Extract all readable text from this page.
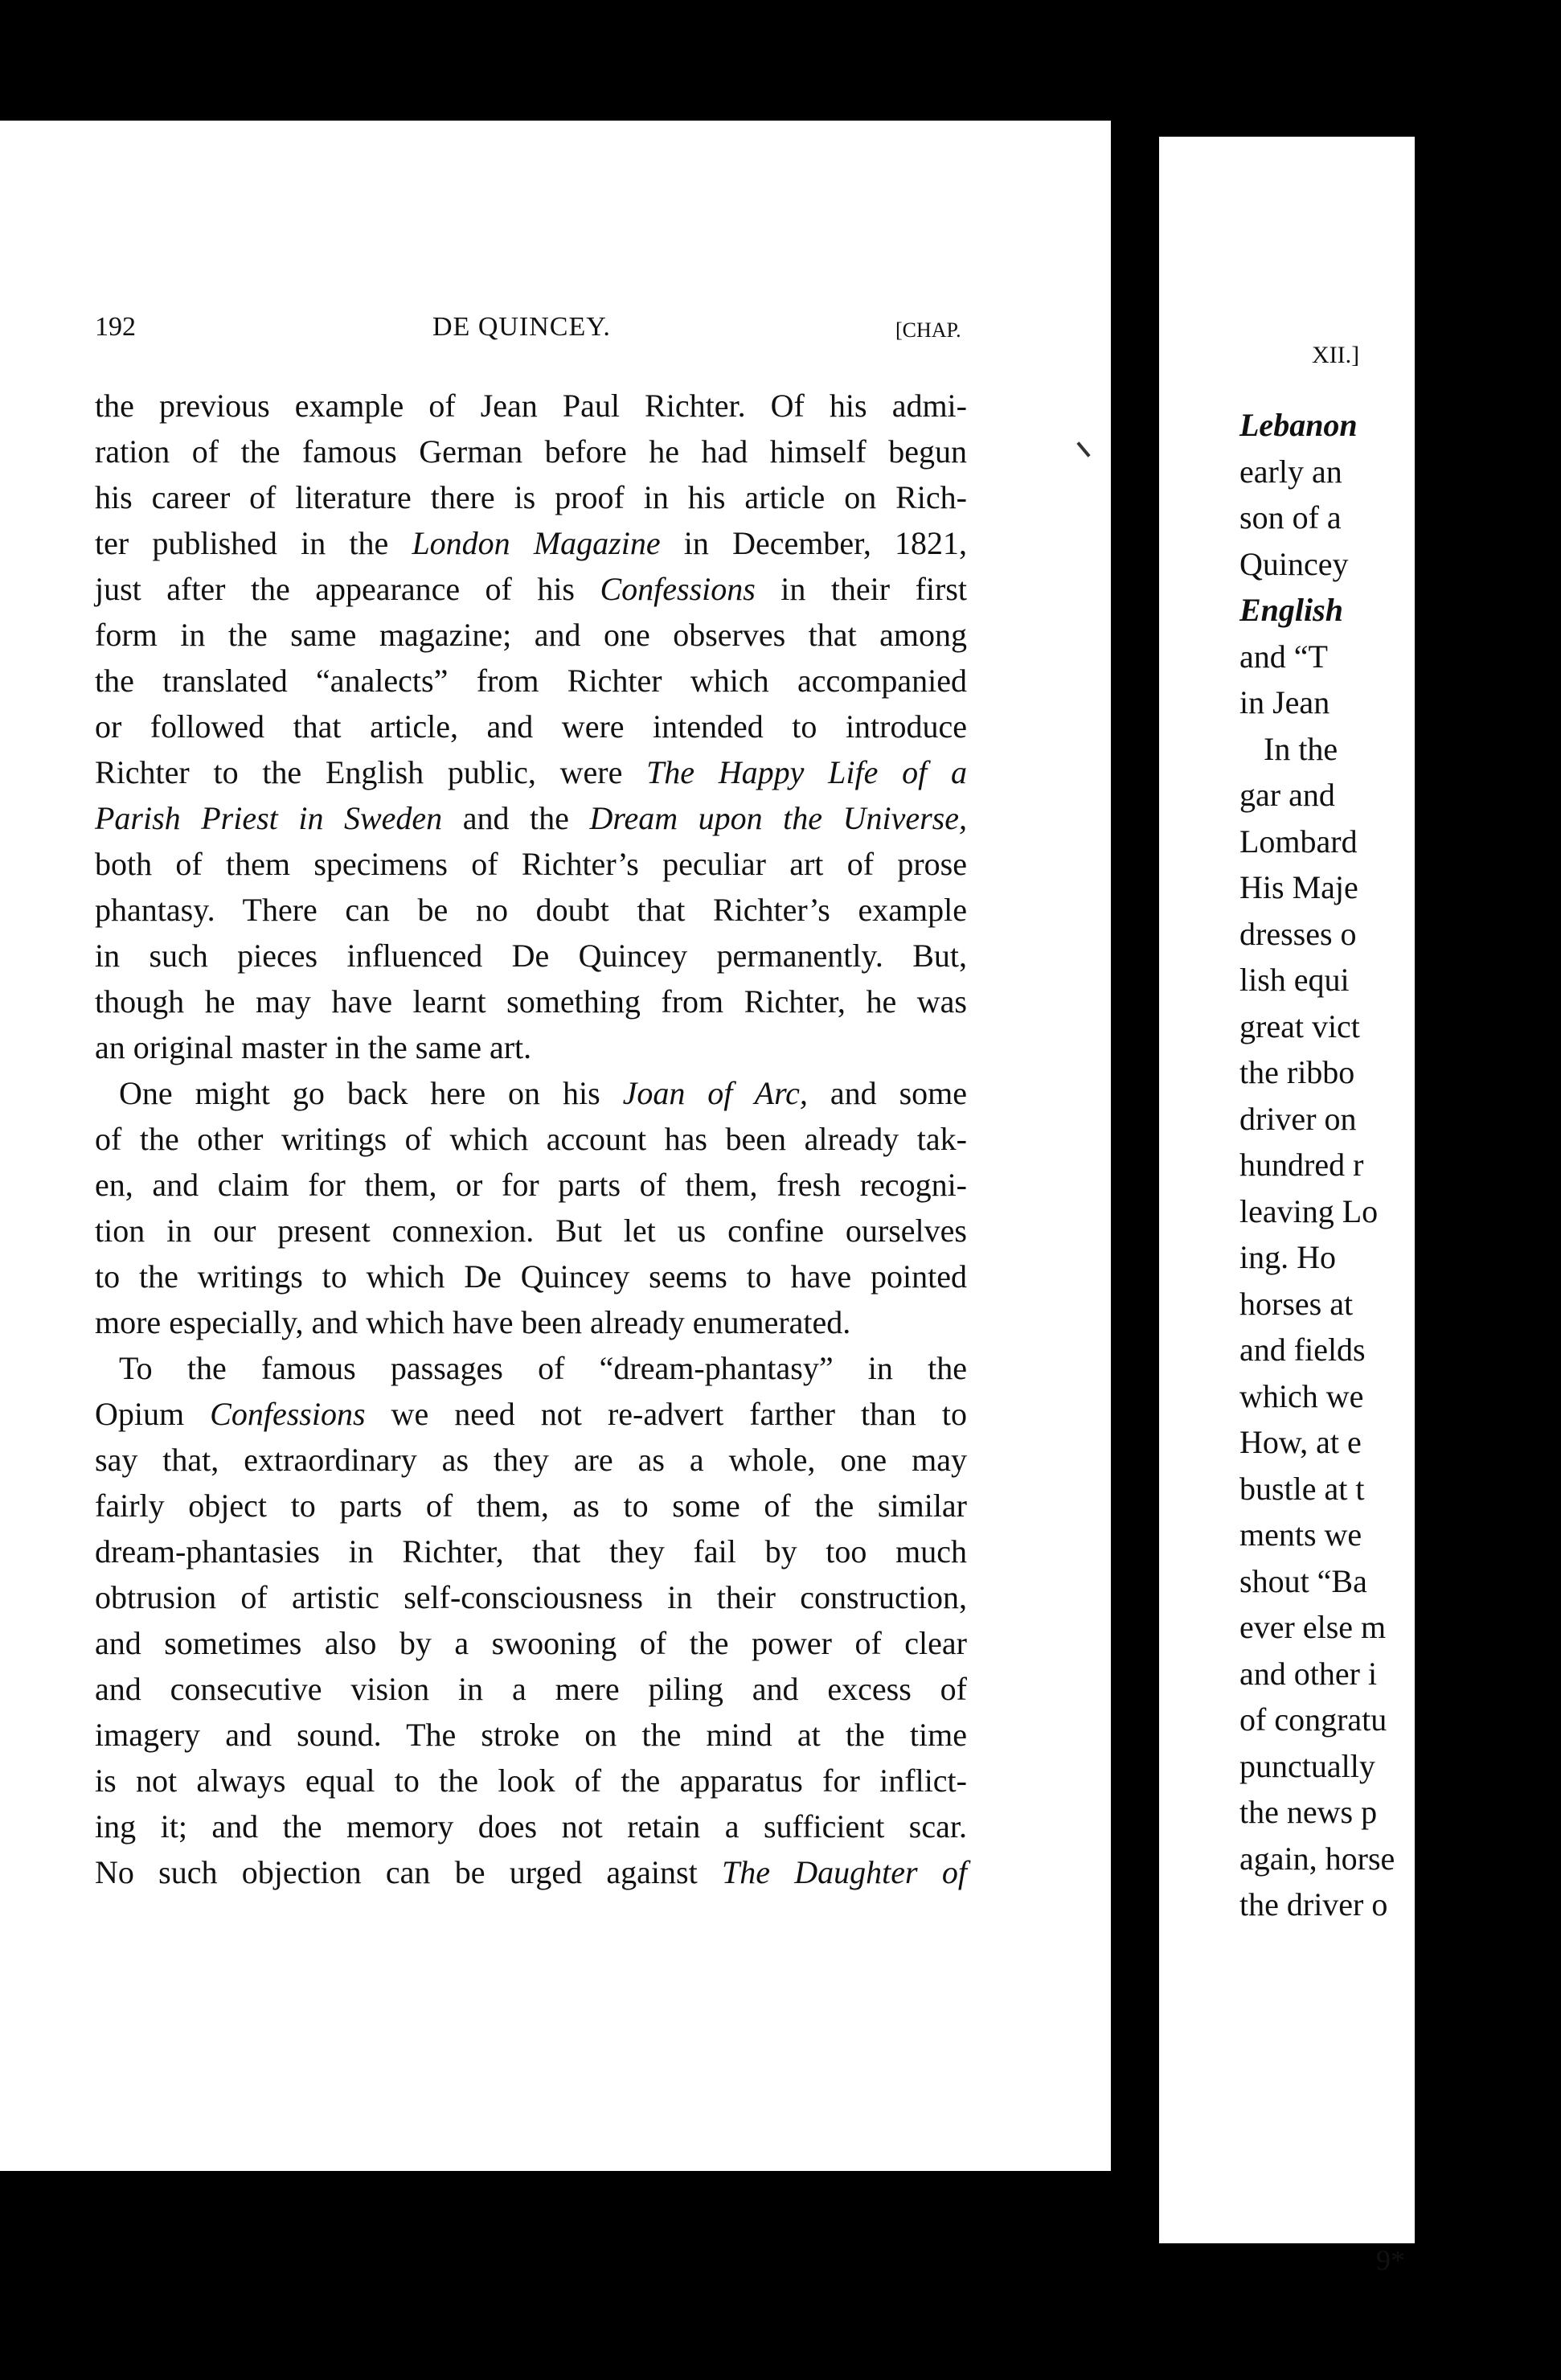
XII.]
Lebanon
early an
son of a
Quincey
English
and “T
in Jean
In the
gar and
Lombard
His Maje
dresses o
lish equi
great vict
the ribbo
driver on
hundred r
leaving Lo
ing. Ho
horses at
and fields
which we
How, at e
bustle at t
ments we
shout “Ba
ever else m
and other i
of congratu
punctually
the news p
again, horse
the driver o
9*
192	DE QUINCEY.	[CHAP.
the previous example of Jean Paul Richter. Of his admi-
ration of the famous German before he had himself begun
his career of literature there is proof in his article on Rich-
ter published in the London Magazine in December, 1821,
just after the appearance of his Confessions in their first
form in the same magazine; and one observes that among
the translated “analects” from Richter which accompanied
or followed that article, and were intended to introduce
Richter to the English public, were The Happy Life of a
Parish Priest in Sweden and the Dream upon the Universe,
both of them specimens of Richter’s peculiar art of prose
phantasy. There can be no doubt that Richter’s example
in such pieces influenced De Quincey permanently. But,
though he may have learnt something from Richter, he was
an original master in the same art.
One might go back here on his Joan of Arc, and some
of the other writings of which account has been already tak-
en, and claim for them, or for parts of them, fresh recogni-
tion in our present connexion. But let us confine ourselves
to the writings to which De Quincey seems to have pointed
more especially, and which have been already enumerated.
To the famous passages of “dream-phantasy” in the
Opium Confessions we need not re-advert farther than to
say that, extraordinary as they are as a whole, one may
fairly object to parts of them, as to some of the similar
dream-phantasies in Richter, that they fail by too much
obtrusion of artistic self-consciousness in their construction,
and sometimes also by a swooning of the power of clear
and consecutive vision in a mere piling and excess of
imagery and sound. The stroke on the mind at the time
is not always equal to the look of the apparatus for inflict-
ing it; and the memory does not retain a sufficient scar.
No such objection can be urged against The Daughter of
